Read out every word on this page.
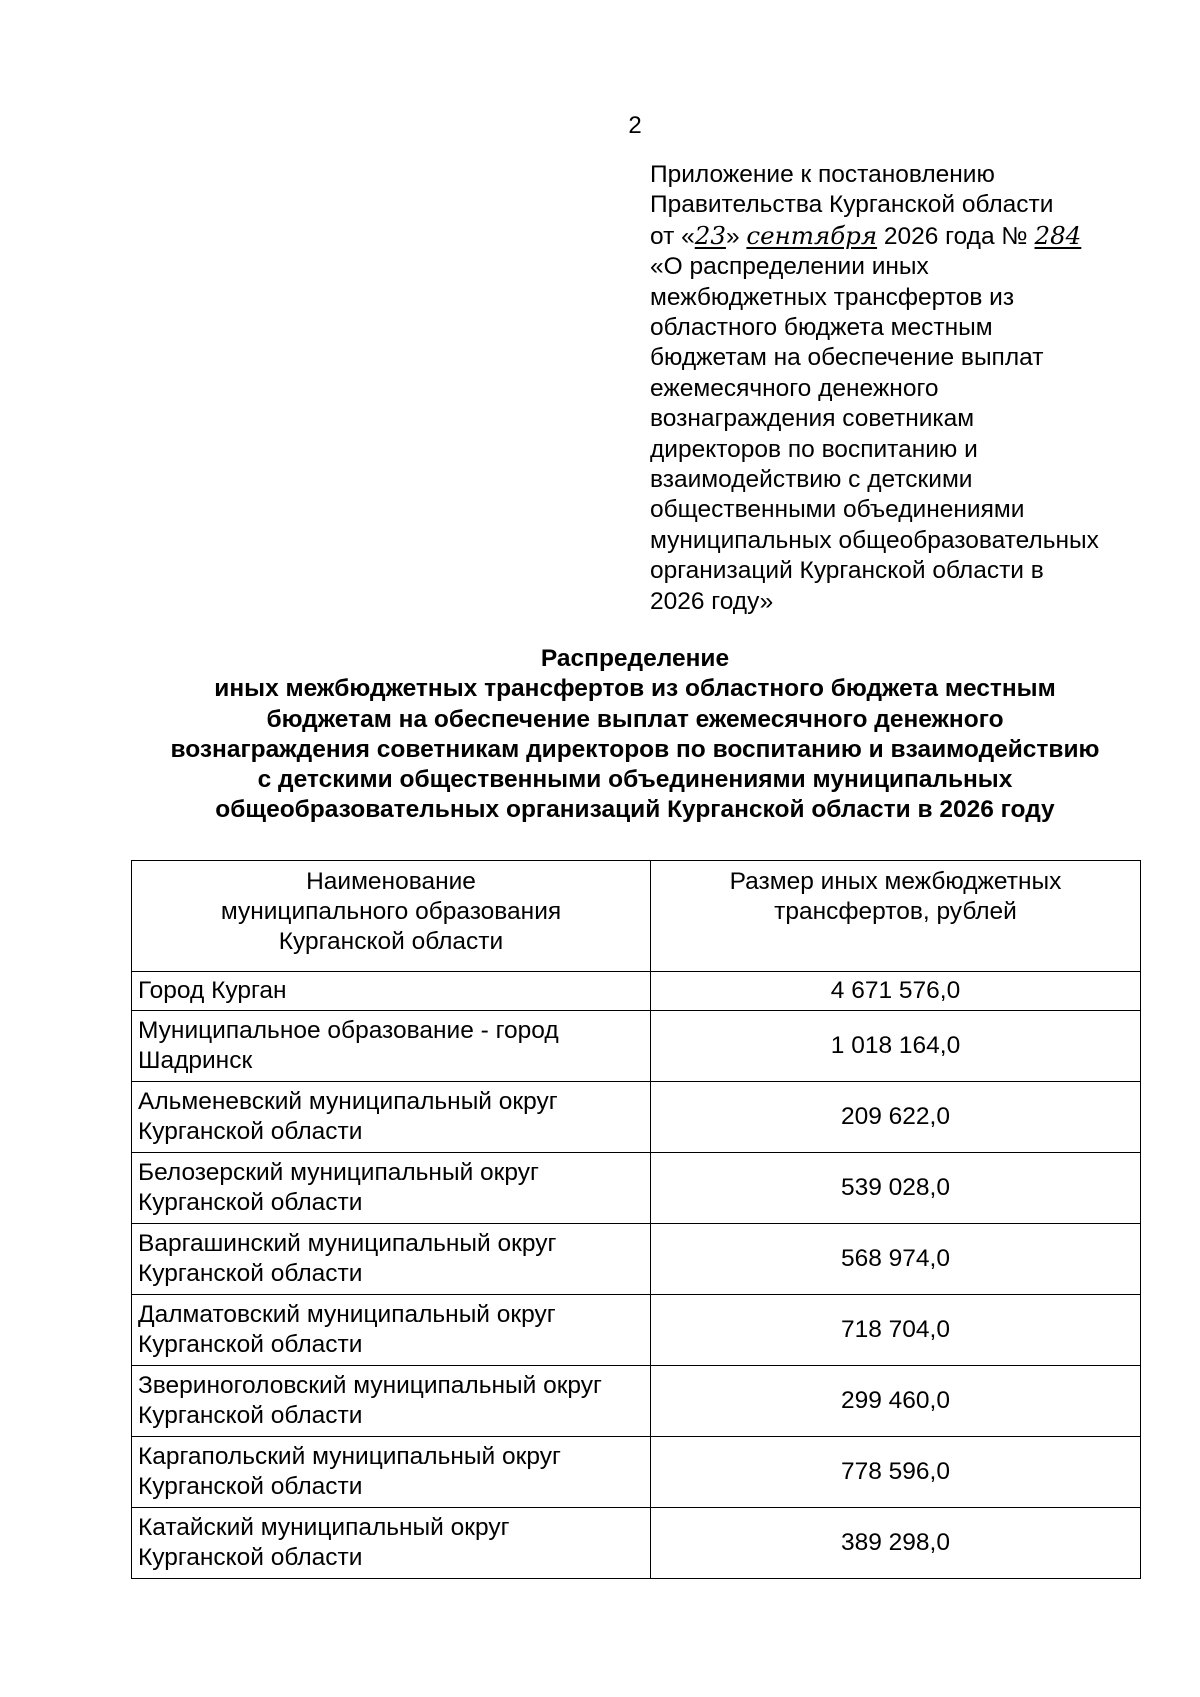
2
Приложение к постановлению
Правительства Курганской области
от «23» сентября 2026 года № 284
«О распределении иных
межбюджетных трансфертов из
областного бюджета местным
бюджетам на обеспечение выплат
ежемесячного денежного
вознаграждения советникам
директоров по воспитанию и
взаимодействию с детскими
общественными объединениями
муниципальных общеобразовательных
организаций Курганской области в
2026 году»
Распределение
иных межбюджетных трансфертов из областного бюджета местным
бюджетам на обеспечение выплат ежемесячного денежного
вознаграждения советникам директоров по воспитанию и взаимодействию
с детскими общественными объединениями муниципальных
общеобразовательных организаций Курганской области в 2026 году
Наименование
муниципального образования
Курганской области	Размер иных межбюджетных
трансфертов, рублей

Город Курган	4 671 576,0

Муниципальное образование - город
Шадринск	1 018 164,0

Альменевский муниципальный округ
Курганской области	209 622,0

Белозерский муниципальный округ
Курганской области	539 028,0

Варгашинский муниципальный округ
Курганской области	568 974,0

Далматовский муниципальный округ
Курганской области	718 704,0

Звериноголовский муниципальный округ
Курганской области	299 460,0

Каргапольский муниципальный округ
Курганской области	778 596,0

Катайский муниципальный округ
Курганской области	389 298,0
